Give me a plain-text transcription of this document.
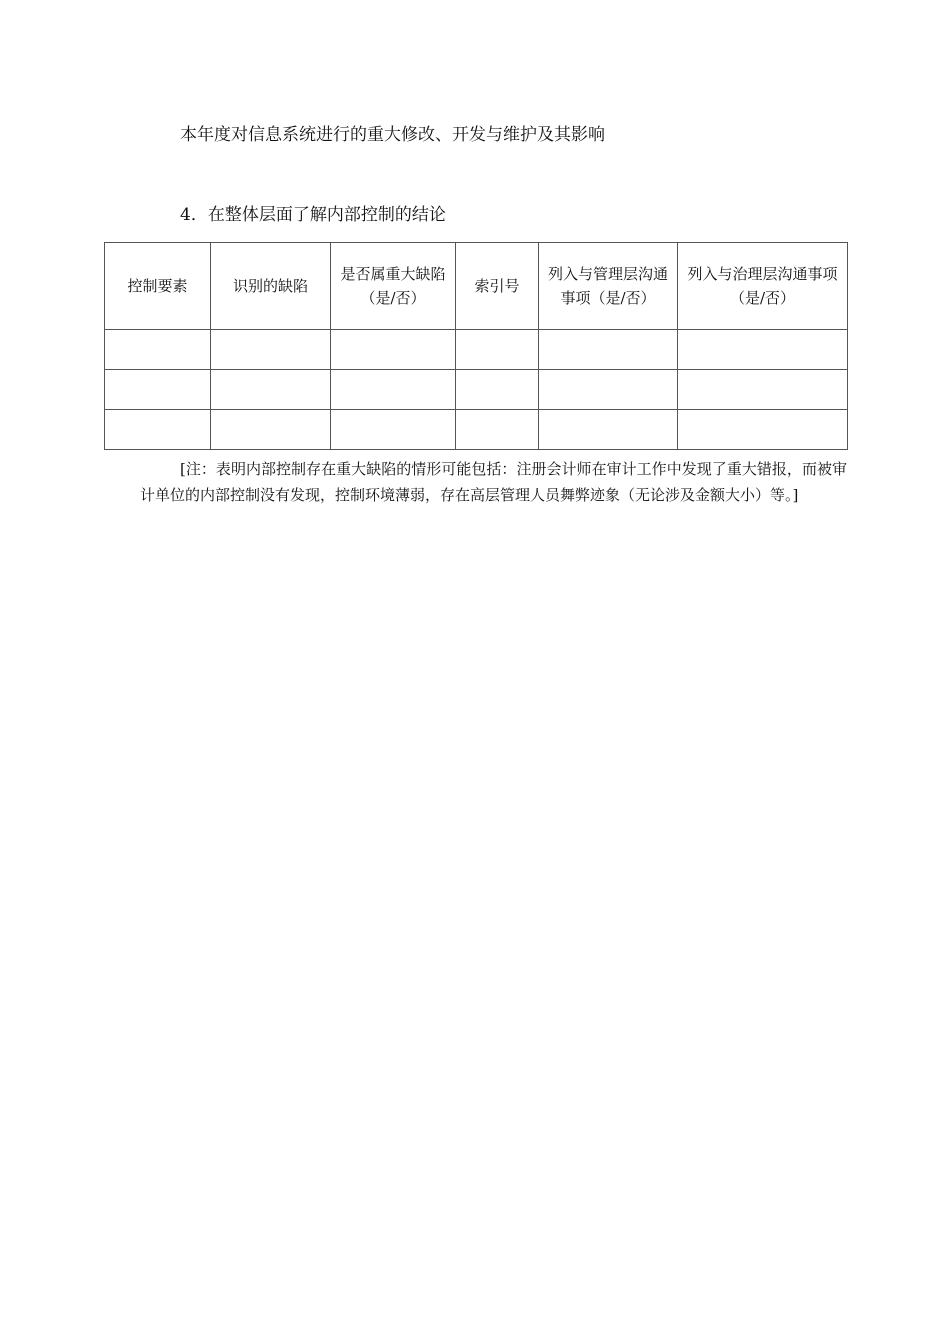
本年度对信息系统进行的重大修改、开发与维护及其影响
4．在整体层面了解内部控制的结论
控制要素	识别的缺陷	是否属重大缺陷（是/否）	索引号	列入与管理层沟通事项（是/否）	列入与治理层沟通事项（是/否）

[注：表明内部控制存在重大缺陷的情形可能包括：注册会计师在审计工作中发现了重大错报，而被审计单位的内部控制没有发现，控制环境薄弱，存在高层管理人员舞弊迹象（无论涉及金额大小）等。]
